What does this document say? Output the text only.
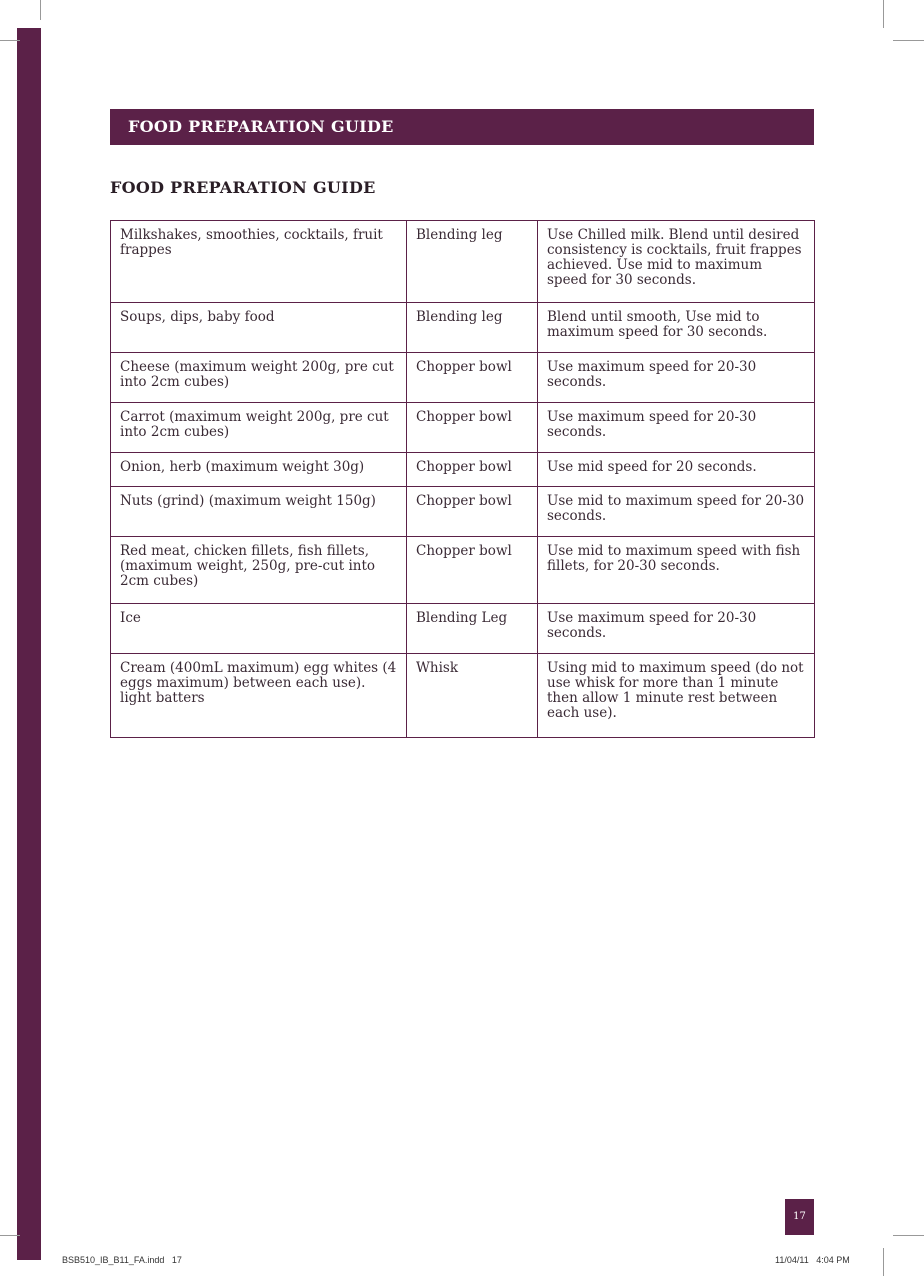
FOOD PREPARATION GUIDE
FOOD PREPARATION GUIDE
Milkshakes, smoothies, cocktails, fruit frappes	Blending leg	Use Chilled milk. Blend until desired consistency is cocktails, fruit frappes achieved. Use mid to maximum speed for 30 seconds.
Soups, dips, baby food	Blending leg	Blend until smooth, Use mid to maximum speed for 30 seconds.
Cheese (maximum weight 200g, pre cut into 2cm cubes)	Chopper bowl	Use maximum speed for 20-30 seconds.
Carrot (maximum weight 200g, pre cut into 2cm cubes)	Chopper bowl	Use maximum speed for 20-30 seconds.
Onion, herb (maximum weight 30g)	Chopper bowl	Use mid speed for 20 seconds.
Nuts (grind) (maximum weight 150g)	Chopper bowl	Use mid to maximum speed for 20-30 seconds.
Red meat, chicken fillets, fish fillets, (maximum weight, 250g, pre-cut into 2cm cubes)	Chopper bowl	Use mid to maximum speed with fish fillets, for 20-30 seconds.
Ice	Blending Leg	Use maximum speed for 20-30 seconds.
Cream (400mL maximum) egg whites (4 eggs maximum) between each use). light batters	Whisk	Using mid to maximum speed (do not use whisk for more than 1 minute then allow 1 minute rest between each use).
17
BSB510_IB_B11_FA.indd   17	11/04/11   4:04 PM
